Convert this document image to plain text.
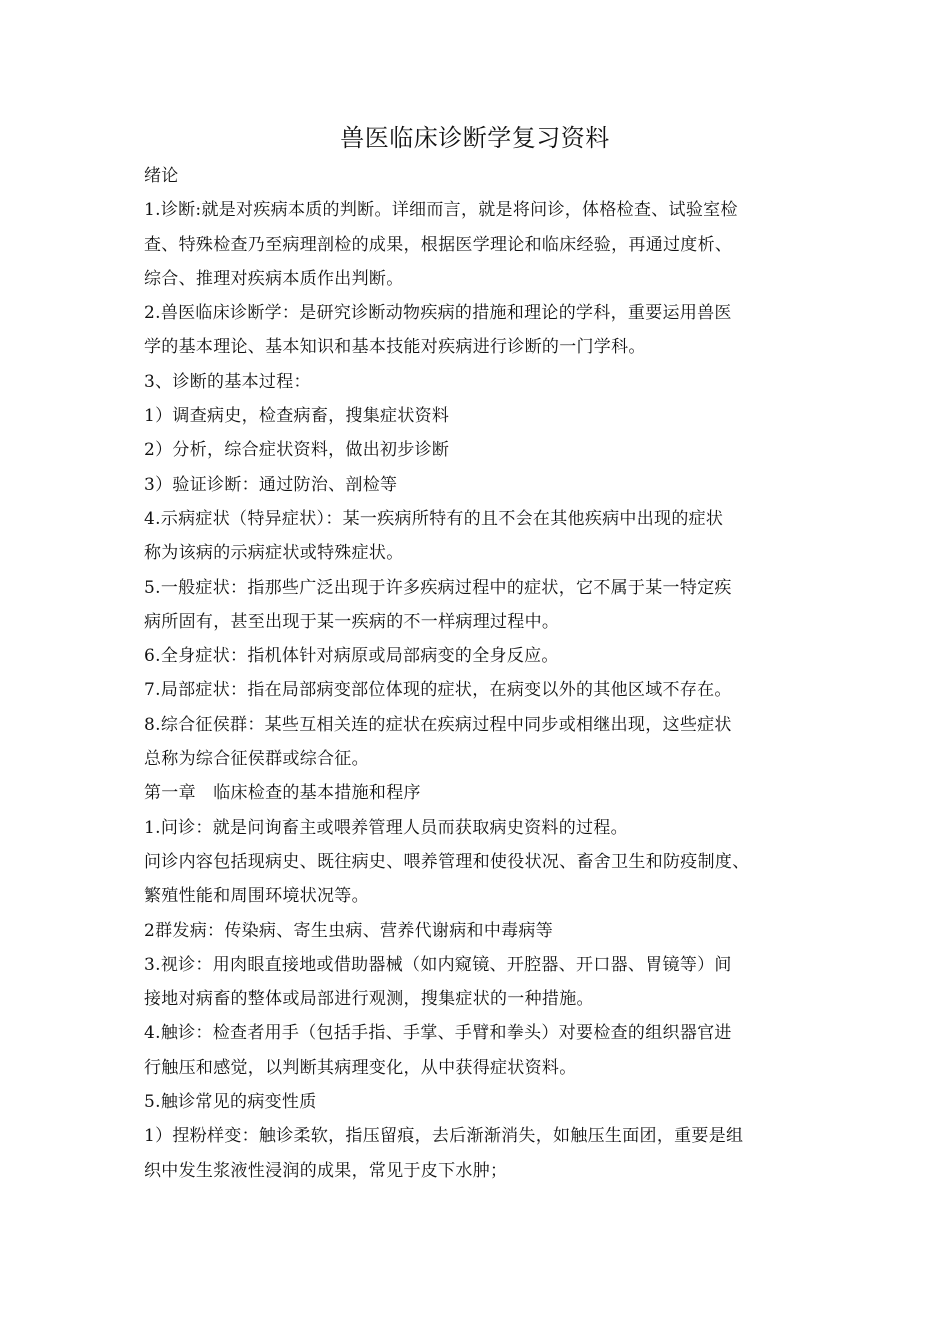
兽医临床诊断学复习资料
绪论
1.诊断:就是对疾病本质的判断。详细而言，就是将问诊，体格检查、试验室检
查、特殊检查乃至病理剖检的成果，根据医学理论和临床经验，再通过度析、
综合、推理对疾病本质作出判断。
2.兽医临床诊断学：是研究诊断动物疾病的措施和理论的学科，重要运用兽医
学的基本理论、基本知识和基本技能对疾病进行诊断的一门学科。
3、诊断的基本过程：
1）调查病史，检查病畜，搜集症状资料
2）分析，综合症状资料，做出初步诊断
3）验证诊断：通过防治、剖检等
4.示病症状（特异症状）：某一疾病所特有的且不会在其他疾病中出现的症状
称为该病的示病症状或特殊症状。
5.一般症状：指那些广泛出现于许多疾病过程中的症状，它不属于某一特定疾
病所固有，甚至出现于某一疾病的不一样病理过程中。
6.全身症状：指机体针对病原或局部病变的全身反应。
7.局部症状：指在局部病变部位体现的症状，在病变以外的其他区域不存在。
8.综合征侯群：某些互相关连的症状在疾病过程中同步或相继出现，这些症状
总称为综合征侯群或综合征。
第一章　临床检查的基本措施和程序
1.问诊：就是问询畜主或喂养管理人员而获取病史资料的过程。
问诊内容包括现病史、既往病史、喂养管理和使役状况、畜舍卫生和防疫制度、
繁殖性能和周围环境状况等。
2群发病：传染病、寄生虫病、营养代谢病和中毒病等
3.视诊：用肉眼直接地或借助器械（如内窥镜、开腔器、开口器、胃镜等）间
接地对病畜的整体或局部进行观测，搜集症状的一种措施。
4.触诊：检查者用手（包括手指、手掌、手臂和拳头）对要检查的组织器官进
行触压和感觉，以判断其病理变化，从中获得症状资料。
5.触诊常见的病变性质
1）捏粉样变：触诊柔软，指压留痕，去后渐渐消失，如触压生面团，重要是组
织中发生浆液性浸润的成果，常见于皮下水肿；
